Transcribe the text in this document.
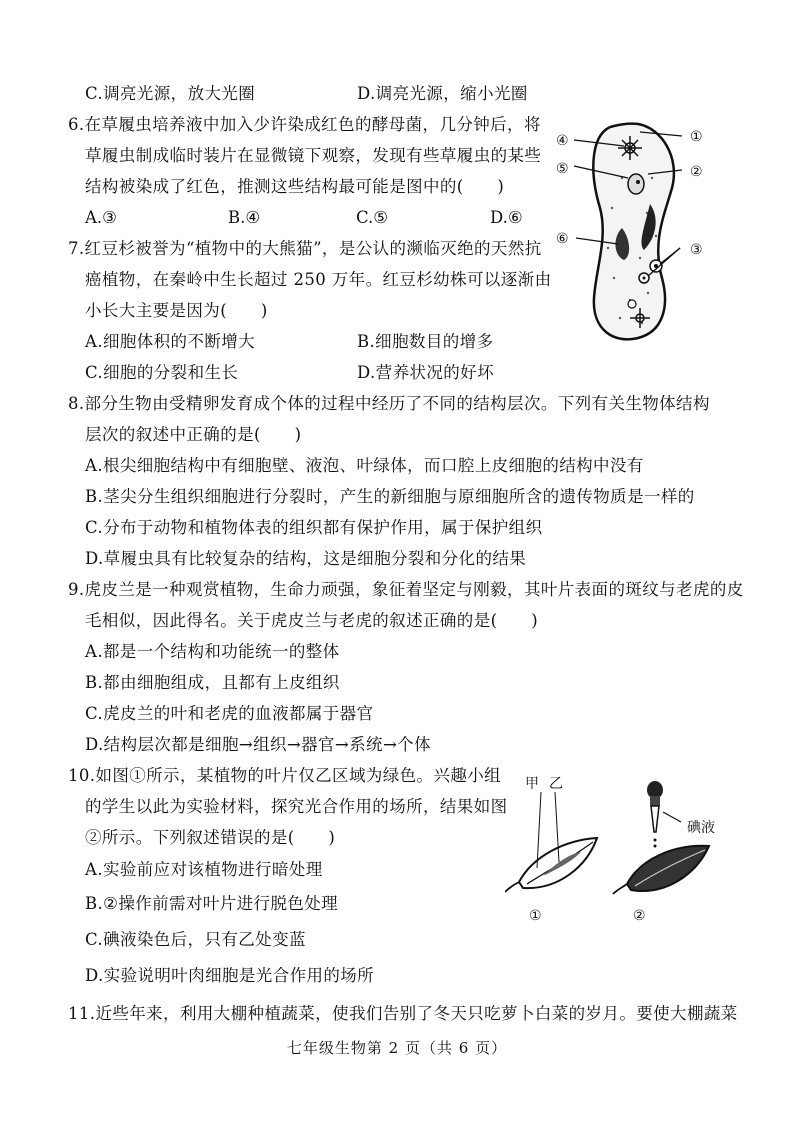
C.调亮光源，放大光圈	D.调亮光源，缩小光圈
6.在草履虫培养液中加入少许染成红色的酵母菌，几分钟后，将
草履虫制成临时装片在显微镜下观察，发现有些草履虫的某些
结构被染成了红色，推测这些结构最可能是图中的(　　)
A.③	B.④	C.⑤	D.⑥
④	①
⑤	②
⑥
③
7.红豆杉被誉为“植物中的大熊猫”，是公认的濒临灭绝的天然抗
癌植物，在秦岭中生长超过 250 万年。红豆杉幼株可以逐渐由
小长大主要是因为(　　)
A.细胞体积的不断增大	B.细胞数目的增多
C.细胞的分裂和生长	D.营养状况的好坏
8.部分生物由受精卵发育成个体的过程中经历了不同的结构层次。下列有关生物体结构
层次的叙述中正确的是(　　)
A.根尖细胞结构中有细胞壁、液泡、叶绿体，而口腔上皮细胞的结构中没有
B.茎尖分生组织细胞进行分裂时，产生的新细胞与原细胞所含的遗传物质是一样的
C.分布于动物和植物体表的组织都有保护作用，属于保护组织
D.草履虫具有比较复杂的结构，这是细胞分裂和分化的结果
9.虎皮兰是一种观赏植物，生命力顽强，象征着坚定与刚毅，其叶片表面的斑纹与老虎的皮
毛相似，因此得名。关于虎皮兰与老虎的叙述正确的是(　　)
A.都是一个结构和功能统一的整体
B.都由细胞组成，且都有上皮组织
C.虎皮兰的叶和老虎的血液都属于器官
D.结构层次都是细胞→组织→器官→系统→个体
10.如图①所示，某植物的叶片仅乙区域为绿色。兴趣小组
的学生以此为实验材料，探究光合作用的场所，结果如图
②所示。下列叙述错误的是(　　)
A.实验前应对该植物进行暗处理
B.②操作前需对叶片进行脱色处理
C.碘液染色后，只有乙处变蓝
D.实验说明叶肉细胞是光合作用的场所
甲 乙
①
碘液
②
11.近些年来，利用大棚种植蔬菜，使我们告别了冬天只吃萝卜白菜的岁月。要使大棚蔬菜
七年级生物第 2 页（共 6 页）
